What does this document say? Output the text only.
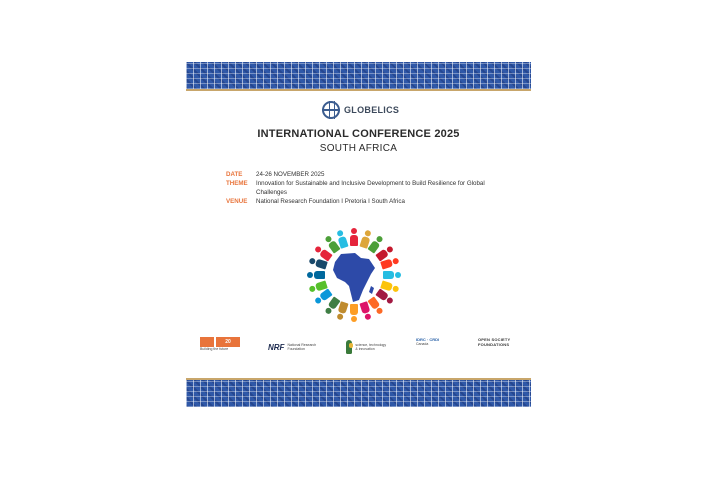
GLOBELICS
INTERNATIONAL CONFERENCE 2025
SOUTH AFRICA
DATE	24-26 NOVEMBER 2025
THEME	Innovation for Sustainable and Inclusive Development to Build Resilience for Global Challenges
VENUE	National Research Foundation I Pretoria I South Africa
20 YEARS
Building the future	NRF National Research Foundation
science, technology & innovation
IDRC · CRDI
Canada
OPEN SOCIETY FOUNDATIONS
